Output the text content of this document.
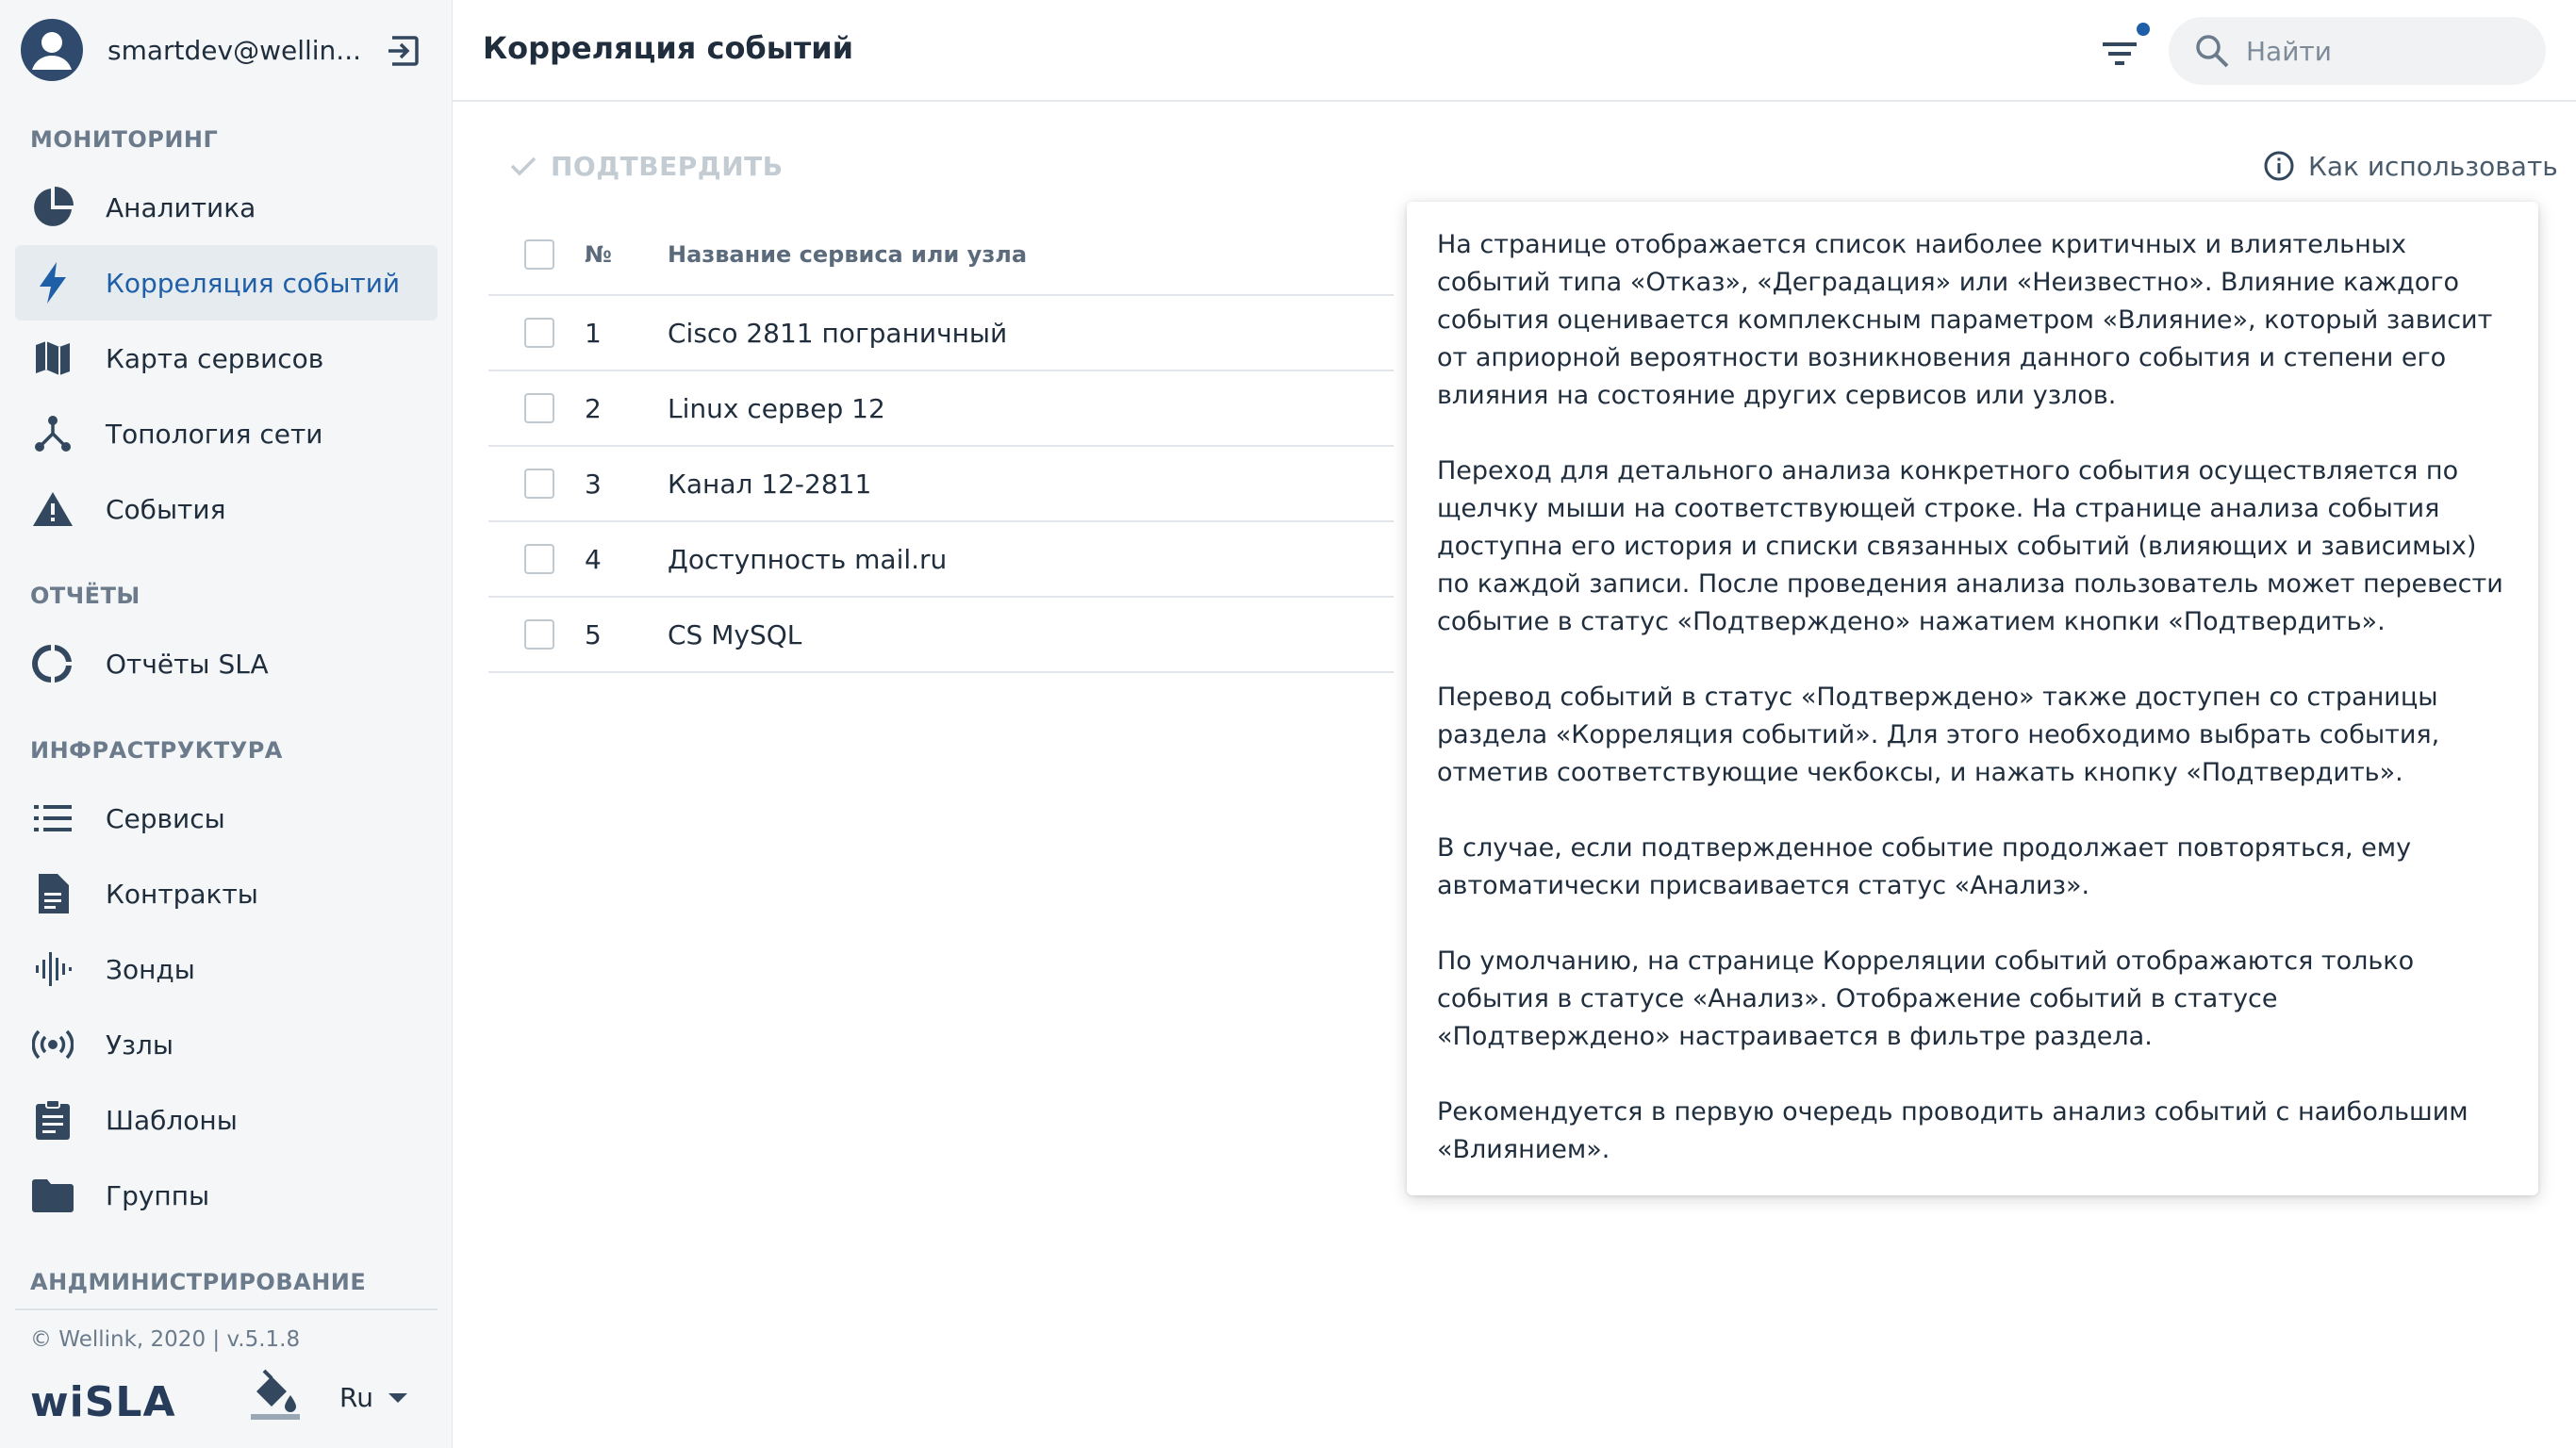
smartdev@wellin...
МОНИТОРИНГ
Аналитика
Корреляция событий
Карта сервисов
Топология сети
События
ОТЧЁТЫ
Отчёты SLA
ИНФРАСТРУКТУРА
Сервисы
Контракты
Зонды
Узлы
Шаблоны
Группы
АНДМИНИСТРИРОВАНИЕ
© Wellink, 2020 | v.5.1.8
wiSLA	Ru
Корреляция событий
Найти
ПОДТВЕРДИТЬ	Как использовать
№ Название сервиса или узла
1	Cisco 2811 пограничный
2	Linux сервер 12
3	Канал 12-2811
4	Доступность mail.ru
5	CS MySQL

На странице отображается список наиболее критичных и влиятельных событий типа «Отказ», «Деградация» или «Неизвестно». Влияние каждого события оценивается комплексным параметром «Влияние», который зависит от априорной вероятности возникновения данного события и степени его влияния на состояние других сервисов или узлов.

Переход для детального анализа конкретного события осуществляется по щелчку мыши на соответствующей строке. На странице анализа события доступна его история и списки связанных событий (влияющих и зависимых) по каждой записи. После проведения анализа пользователь может перевести событие в статус «Подтверждено» нажатием кнопки «Подтвердить».

Перевод событий в статус «Подтверждено» также доступен со страницы раздела «Корреляция событий». Для этого необходимо выбрать события, отметив соответствующие чекбоксы, и нажать кнопку «Подтвердить».

В случае, если подтвержденное событие продолжает повторяться, ему автоматически присваивается статус «Анализ».

По умолчанию, на странице Корреляции событий отображаются только события в статусе «Анализ». Отображение событий в статусе «Подтверждено» настраивается в фильтре раздела.

Рекомендуется в первую очередь проводить анализ событий с наибольшим «Влиянием».
